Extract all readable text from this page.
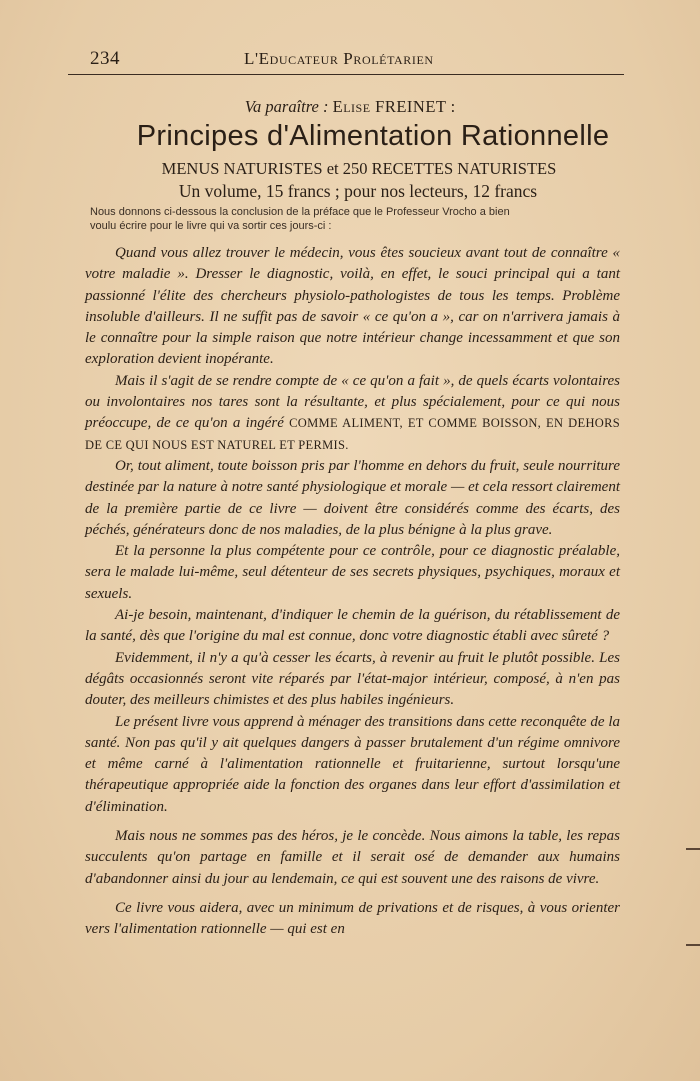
234	L'Educateur Prolétarien
Va paraître : Elise FREINET :
Principes d'Alimentation Rationnelle
MENUS NATURISTES et 250 RECETTES NATURISTES
Un volume, 15 francs ; pour nos lecteurs, 12 francs
Nous donnons ci-dessous la conclusion de la préface que le Professeur Vrocho a bien
voulu écrire pour le livre qui va sortir ces jours-ci :

Quand vous allez trouver le médecin, vous êtes soucieux avant tout de connaître « votre maladie ». Dresser le diagnostic, voilà, en effet, le souci principal qui a tant passionné l'élite des chercheurs physiolo-pathologistes de tous les temps. Problème insoluble d'ailleurs. Il ne suffit pas de savoir « ce qu'on a », car on n'arrivera jamais à le connaître pour la simple raison que notre intérieur change incessamment et que son exploration devient inopérante.

Mais il s'agit de se rendre compte de « ce qu'on a fait », de quels écarts volontaires ou involontaires nos tares sont la résultante, et plus spécialement, pour ce qui nous préoccupe, de ce qu'on a ingéré COMME ALIMENT, ET COMME BOISSON, EN DEHORS DE CE QUI NOUS EST NATUREL ET PERMIS.

Or, tout aliment, toute boisson pris par l'homme en dehors du fruit, seule nourriture destinée par la nature à notre santé physiologique et morale — et cela ressort clairement de la première partie de ce livre — doivent être considérés comme des écarts, des péchés, générateurs donc de nos maladies, de la plus bénigne à la plus grave.

Et la personne la plus compétente pour ce contrôle, pour ce diagnostic préalable, sera le malade lui-même, seul détenteur de ses secrets physiques, psychiques, moraux et sexuels.

Ai-je besoin, maintenant, d'indiquer le chemin de la guérison, du rétablissement de la santé, dès que l'origine du mal est connue, donc votre diagnostic établi avec sûreté ?

Evidemment, il n'y a qu'à cesser les écarts, à revenir au fruit le plutôt possible. Les dégâts occasionnés seront vite réparés par l'état-major intérieur, composé, à n'en pas douter, des meilleurs chimistes et des plus habiles ingénieurs.

Le présent livre vous apprend à ménager des transitions dans cette reconquête de la santé. Non pas qu'il y ait quelques dangers à passer brutalement d'un régime omnivore et même carné à l'alimentation rationnelle et fruitarienne, surtout lorsqu'une thérapeutique appropriée aide la fonction des organes dans leur effort d'assimilation et d'élimination.

Mais nous ne sommes pas des héros, je le concède. Nous aimons la table, les repas succulents qu'on partage en famille et il serait osé de demander aux humains d'abandonner ainsi du jour au lendemain, ce qui est souvent une des raisons de vivre.

Ce livre vous aidera, avec un minimum de privations et de risques, à vous orienter vers l'alimentation rationnelle — qui est en
